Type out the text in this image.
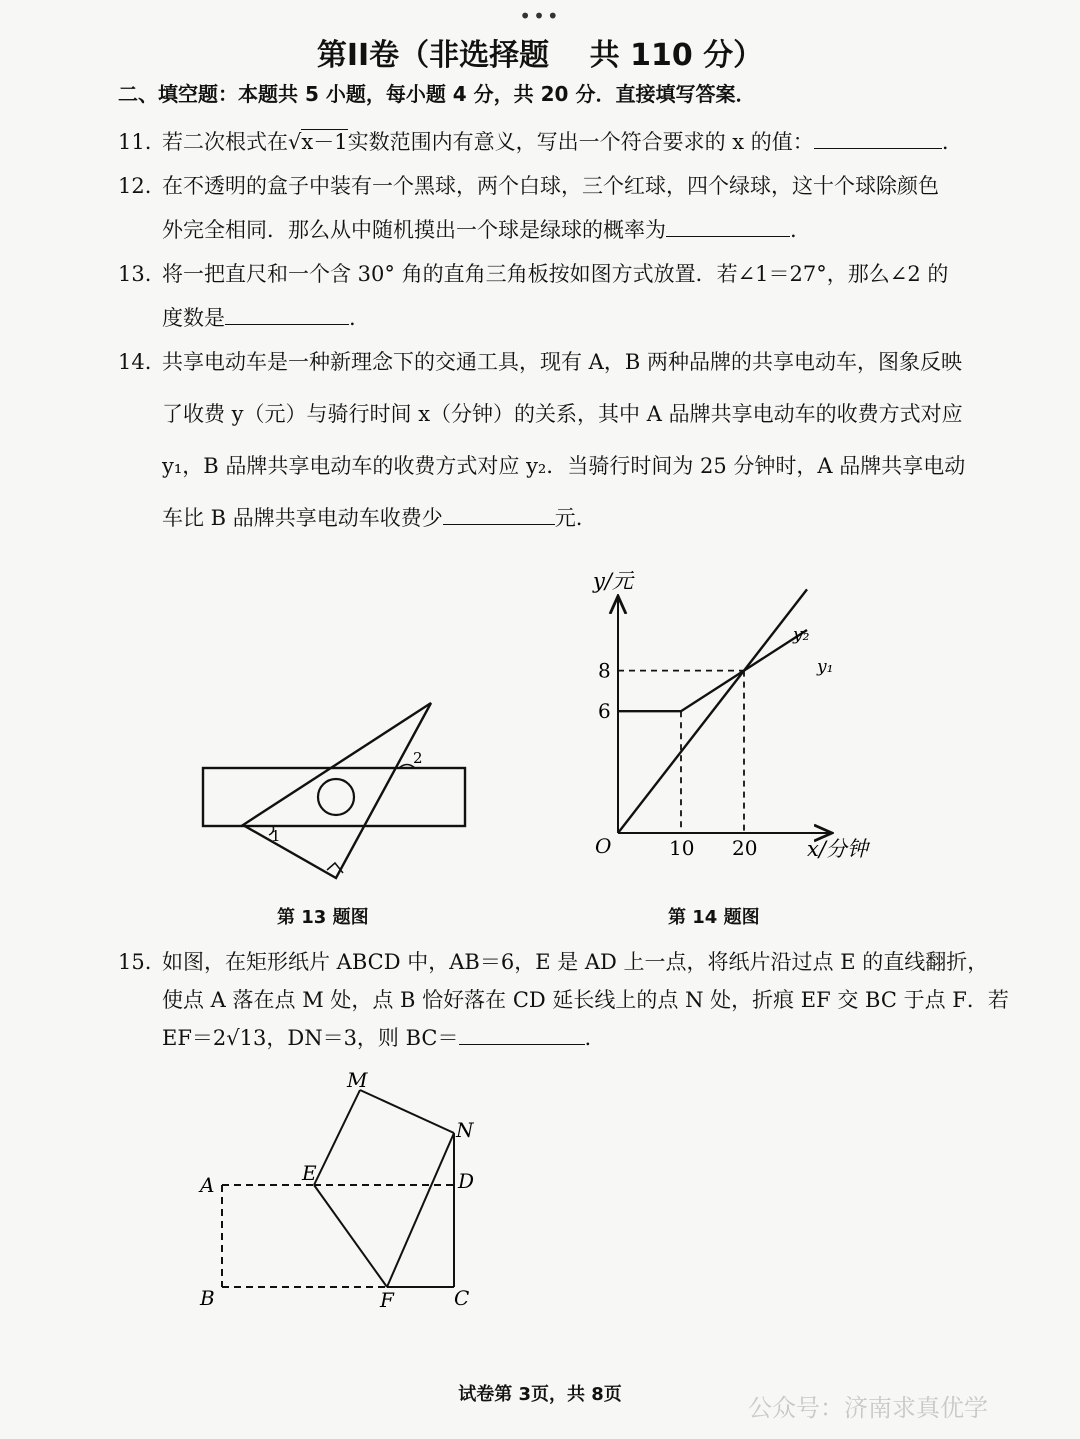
•••
第II卷（非选择题　 共 110 分）
二、填空题：本题共 5 小题，每小题 4 分，共 20 分．直接填写答案．
11. 若二次根式在√x－1实数范围内有意义，写出一个符合要求的 x 的值：	.
12. 在不透明的盒子中装有一个黑球，两个白球，三个红球，四个绿球，这十个球除颜色
外完全相同．那么从中随机摸出一个球是绿球的概率为	.
13. 将一把直尺和一个含 30° 角的直角三角板按如图方式放置．若∠1＝27°，那么∠2 的
度数是	.
14. 共享电动车是一种新理念下的交通工具，现有 A，B 两种品牌的共享电动车，图象反映
了收费 y（元）与骑行时间 x（分钟）的关系，其中 A 品牌共享电动车的收费方式对应
y₁，B 品牌共享电动车的收费方式对应 y₂．当骑行时间为 25 分钟时，A 品牌共享电动
车比 B 品牌共享电动车收费少	元.
1
2
第 13 题图
y/元
x/分钟
O
6
8
10 20
y₂
y₁
第 14 题图
15. 如图，在矩形纸片 ABCD 中，AB＝6，E 是 AD 上一点，将纸片沿过点 E 的直线翻折，
使点 A 落在点 M 处，点 B 恰好落在 CD 延长线上的点 N 处，折痕 EF 交 BC 于点 F．若
EF＝2√13，DN＝3，则 BC＝	.
A
B	C
D
E
F
M
N
试卷第 3页，共 8页	公众号：济南求真优学
